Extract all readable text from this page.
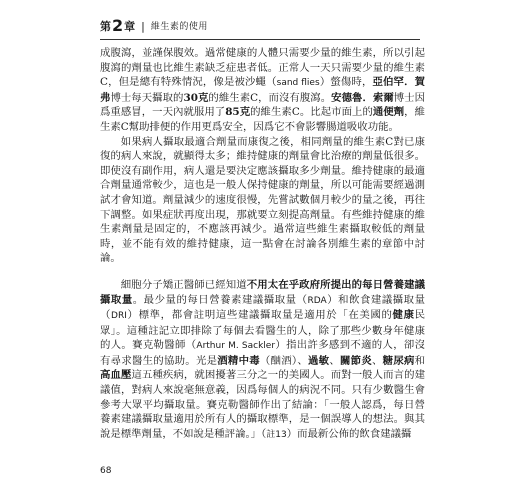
第 2 章 | 維生素的使用

成腹瀉，並謹保腹效。過常健康的人體只需要少量的維生素，所以引起腹瀉的劑量也比維生素缺乏症患者低。正常人一天只需要少量的維生素C，但是總有特殊情況，像是被沙蠅（sand flies）螫傷時，亞伯罕．賀弗博士每天攝取的30克的維生素C，而沒有腹瀉。安德魯．索爾博士因爲重感冒，一天內就服用了85克的維生素C。比起市面上的通便劑，維生素C幫助排便的作用更爲安全，因爲它不會影響腸道吸收功能。

如果病人攝取最適合劑量而康復之後，相同劑量的維生素C對已康復的病人來說，就顯得太多；維持健康的劑量會比治療的劑量低很多。即使沒有副作用，病人還是要決定應該攝取多少劑量。維持健康的最適合劑量通常較少，這也是一般人保持健康的劑量，所以可能需要經過測試才會知道。劑量減少的速度很慢，先嘗試數個月較少的量之後，再往下調整。如果症狀再度出現，那就要立刻提高劑量。有些維持健康的維生素劑量是固定的，不應該再減少。過常這些維生素攝取較低的劑量時，並不能有效的維持健康，這一點會在討論各別維生素的章節中討論。

細胞分子矯正醫師已經知道不用太在乎政府所提出的每日營養建議攝取量。最少量的每日營養素建議攝取量（RDA）和飲食建議攝取量（DRI）標準，都會註明這些建議攝取量是適用於「在美國的健康民眾」。這種註記立即排除了每個去看醫生的人，除了那些少數身年健康的人。賽克勒醫師（Arthur M. Sackler）指出許多感到不適的人，卻沒有尋求醫生的協助。光是酒精中毒（酗酒）、過敏、關節炎、糖尿病和高血壓這五種疾病，就困擾著三分之一的美國人。而對一般人而言的建議值，對病人來說毫無意義，因爲每個人的病況不同。只有少數醫生會參考大眾平均攝取量。賽克勒醫師作出了結論：「一般人認爲，每日營養素建議攝取量適用於所有人的攝取標準，是一個誤導人的想法。與其說是標準劑量，不如說是種評論。」（註13）而最新公佈的飲食建議攝

68
